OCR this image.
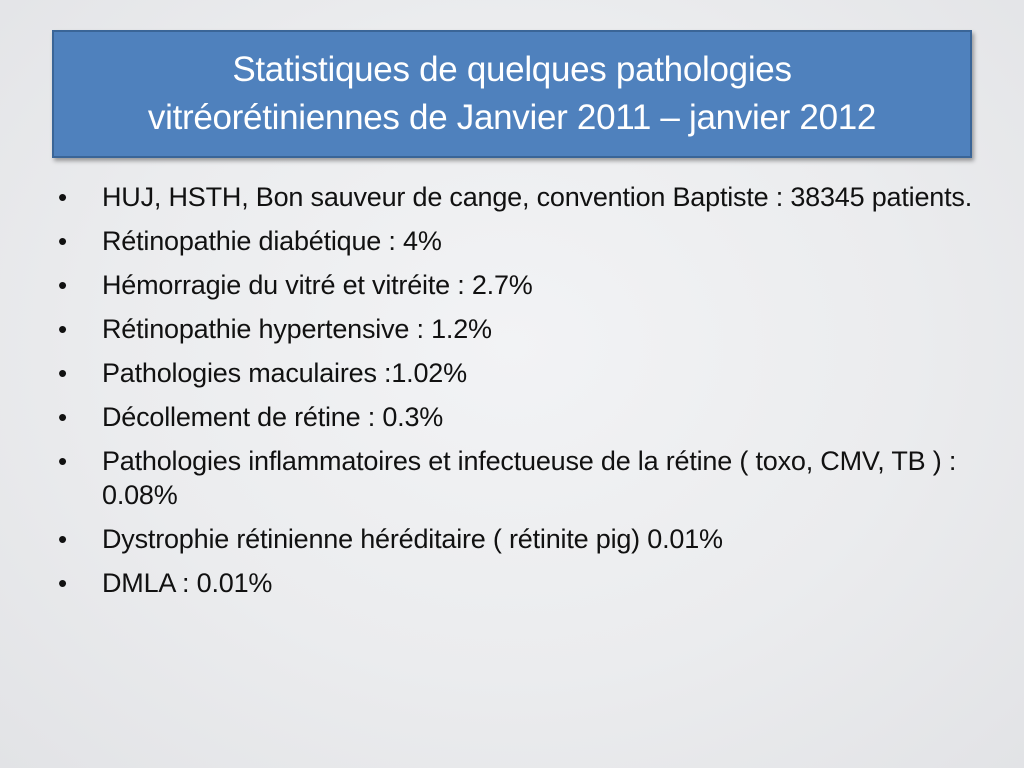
Statistiques de quelques pathologies
vitréorétiniennes de Janvier 2011 – janvier 2012
•	HUJ, HSTH, Bon sauveur de cange, convention Baptiste : 38345 patients.
•	Rétinopathie diabétique : 4%
•	Hémorragie du vitré et vitréite : 2.7%
•	Rétinopathie hypertensive : 1.2%
•	Pathologies maculaires :1.02%
•	Décollement de rétine : 0.3%
•	Pathologies inflammatoires et infectueuse de la rétine ( toxo, CMV, TB ) : 0.08%
•	Dystrophie rétinienne héréditaire ( rétinite pig) 0.01%
•	DMLA : 0.01%
